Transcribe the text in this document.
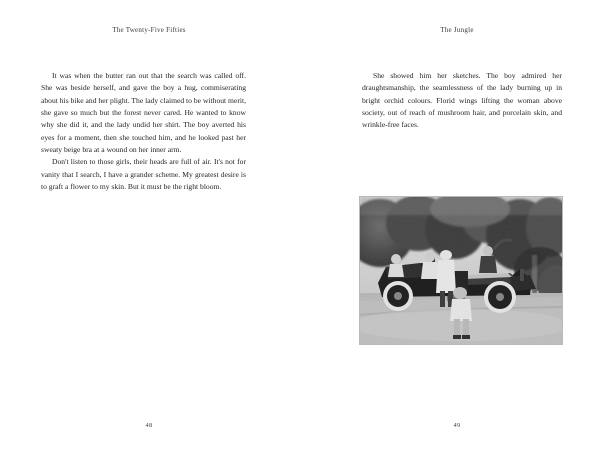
The Twenty-Five Fifties

It was when the butter ran out that the search was called off. She was beside herself, and gave the boy a hug, commiserating about his bike and her plight. The lady claimed to be without merit, she gave so much but the forest never cared. He wanted to know why she did it, and the lady undid her shirt. The boy averted his eyes for a moment, then she touched him, and he looked past her sweaty beige bra at a wound on her inner arm.

Don't listen to those girls, their heads are full of air. It's not for vanity that I search, I have a grander scheme. My greatest desire is to graft a flower to my skin. But it must be the right bloom.

48
The Jungle

She showed him her sketches. The boy admired her draughtsmanship, the seamlessness of the lady burning up in bright orchid colours. Florid wings lifting the woman above society, out of reach of mushroom hair, and porcelain skin, and wrinkle-free faces.

49
